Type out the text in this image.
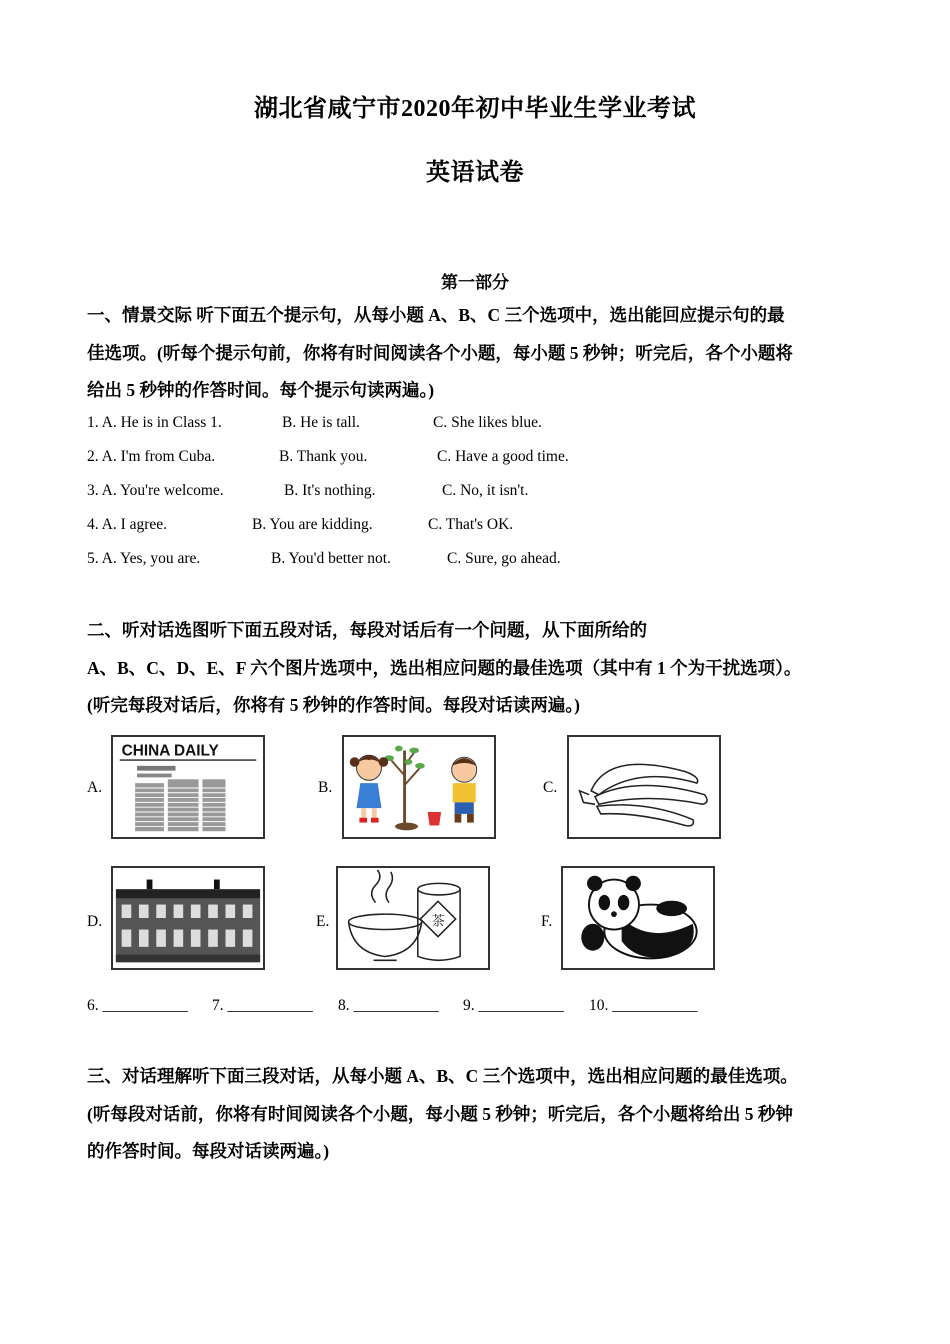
湖北省咸宁市2020年初中毕业生学业考试
英语试卷
第一部分
一、情景交际 听下面五个提示句，从每小题 A、B、C 三个选项中，选出能回应提示句的最
佳选项。(听每个提示句前，你将有时间阅读各个小题，每小题 5 秒钟；听完后，各个小题将
给出 5 秒钟的作答时间。每个提示句读两遍。)
1. A. He is in Class 1.	B. He is tall.	C. She likes blue.
2. A. I'm from Cuba.	B. Thank you.	C. Have a good time.
3. A. You're welcome.	B. It's nothing.	C. No, it isn't.
4. A. I agree.	B. You are kidding.	C. That's OK.
5. A. Yes, you are.	B. You'd better not.	C. Sure, go ahead.
二、听对话选图听下面五段对话，每段对话后有一个问题，从下面所给的
A、B、C、D、E、F 六个图片选项中，选出相应问题的最佳选项（其中有 1 个为干扰选项）。
(听完每段对话后，你将有 5 秒钟的作答时间。每段对话读两遍。)
A.
CHINA DAILY
B.	C.
D.	E.	茶	F.
6. ___________ 7. ___________ 8. ___________ 9. ___________ 10. ___________
三、对话理解听下面三段对话，从每小题 A、B、C 三个选项中，选出相应问题的最佳选项。
(听每段对话前，你将有时间阅读各个小题，每小题 5 秒钟；听完后，各个小题将给出 5 秒钟
的作答时间。每段对话读两遍。)
